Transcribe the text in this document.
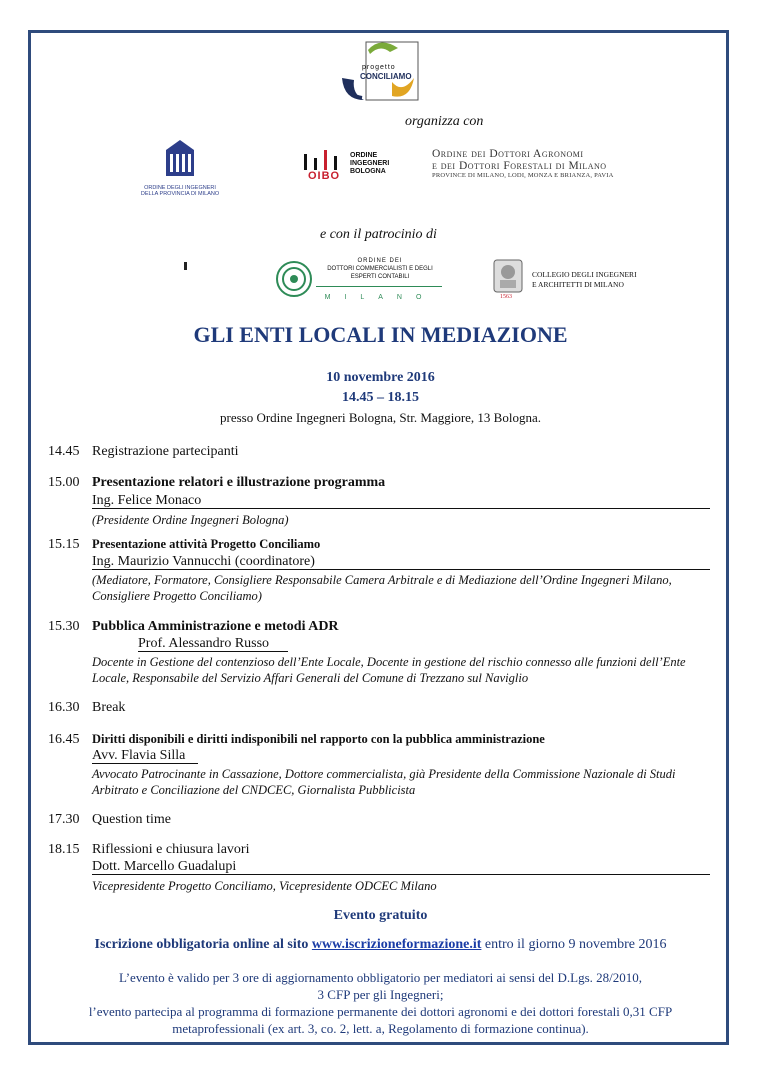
progetto
CONCILIAMO
organizza con
ORDINE DEGLI INGEGNERI
DELLA PROVINCIA DI MILANO
OIBO
ORDINE
INGEGNERI
BOLOGNA
Ordine dei Dottori Agronomi
e dei Dottori Forestali di Milano
PROVINCE DI MILANO, LODI, MONZA E BRIANZA, PAVIA
e con il patrocinio di
ORDINE DEI
DOTTORI COMMERCIALISTI E DEGLI
ESPERTI CONTABILI
MILANO	1563
COLLEGIO DEGLI INGEGNERI
E ARCHITETTI DI MILANO
GLI ENTI LOCALI IN MEDIAZIONE
10 novembre 2016
14.45 – 18.15
presso Ordine Ingegneri Bologna, Str. Maggiore, 13 Bologna.
14.45 Registrazione partecipanti
15.00 Presentazione relatori e illustrazione programma
Ing. Felice Monaco
(Presidente Ordine Ingegneri Bologna)
15.15 Presentazione attività Progetto Conciliamo
Ing. Maurizio Vannucchi (coordinatore)
(Mediatore, Formatore, Consigliere Responsabile Camera Arbitrale e di Mediazione dell’Ordine Ingegneri Milano, Consigliere Progetto Conciliamo)
15.30 Pubblica Amministrazione e metodi ADR
Prof. Alessandro Russo
Docente in Gestione del contenzioso dell’Ente Locale, Docente in gestione del rischio connesso alle funzioni dell’Ente Locale, Responsabile del Servizio Affari Generali del Comune di Trezzano sul Naviglio
16.30 Break
16.45 Diritti disponibili e diritti indisponibili nel rapporto con la pubblica amministrazione
Avv. Flavia Silla
Avvocato Patrocinante in Cassazione, Dottore commercialista, già Presidente della Commissione Nazionale di Studi Arbitrato e Conciliazione del CNDCEC, Giornalista Pubblicista
17.30 Question time
18.15 Riflessioni e chiusura lavori
Dott. Marcello Guadalupi
Vicepresidente Progetto Conciliamo, Vicepresidente ODCEC Milano
Evento gratuito
Iscrizione obbligatoria online al sito www.iscrizioneformazione.it entro il giorno 9 novembre 2016
L’evento è valido per 3 ore di aggiornamento obbligatorio per mediatori ai sensi del D.Lgs. 28/2010,
3 CFP per gli Ingegneri;
l’evento partecipa al programma di formazione permanente dei dottori agronomi e dei dottori forestali 0,31 CFP
metaprofessionali (ex art. 3, co. 2, lett. a, Regolamento di formazione continua).
